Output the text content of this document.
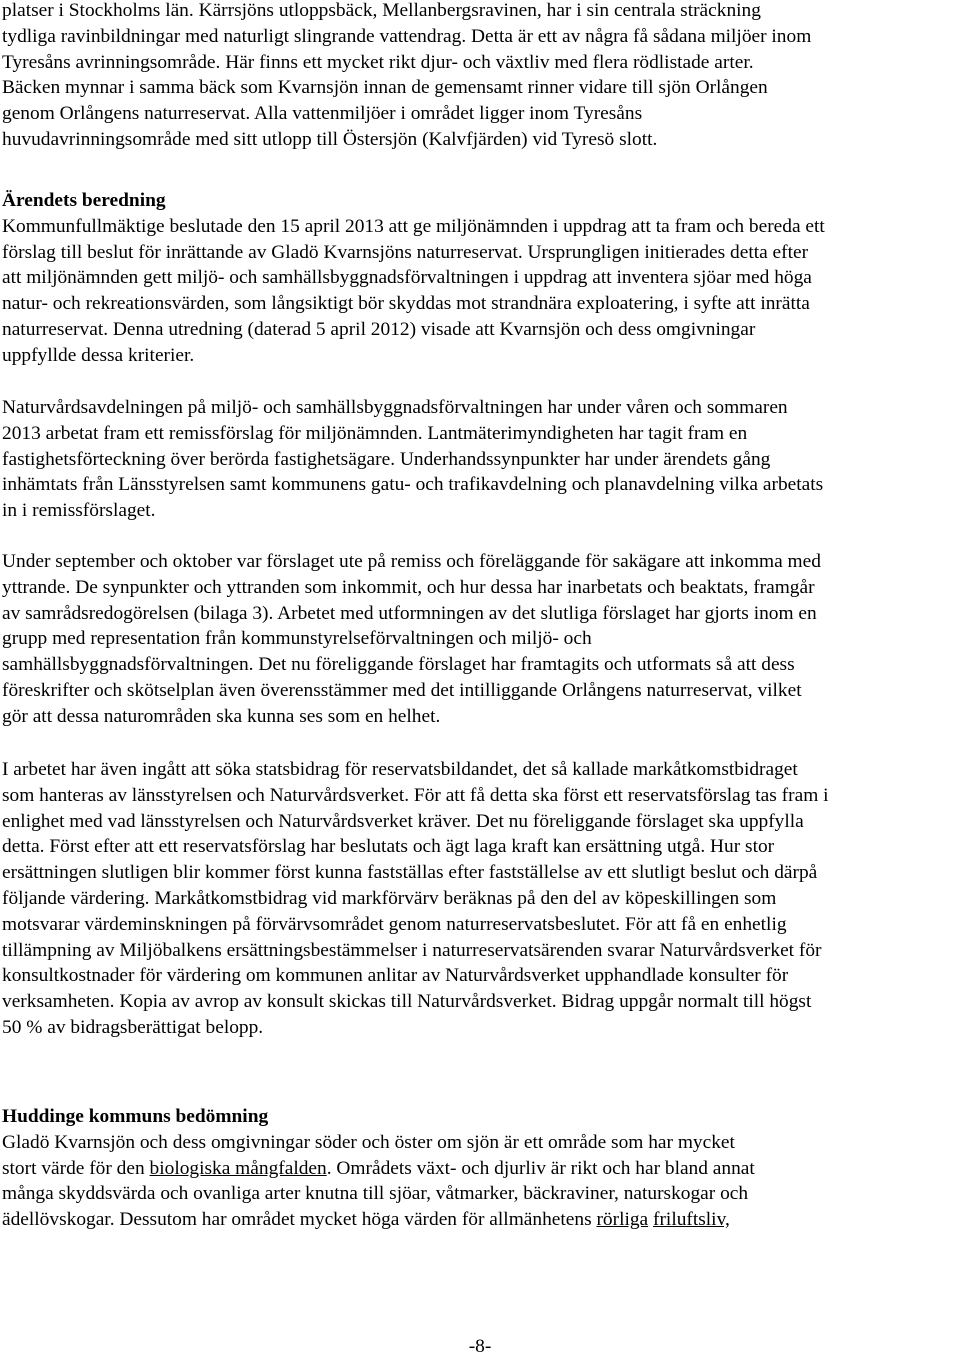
platser i Stockholms län. Kärrsjöns utloppsbäck, Mellanbergsravinen, har i sin centrala sträckning
tydliga ravinbildningar med naturligt slingrande vattendrag. Detta är ett av några få sådana miljöer inom
Tyresåns avrinningsområde. Här finns ett mycket rikt djur- och växtliv med flera rödlistade arter.
Bäcken mynnar i samma bäck som Kvarnsjön innan de gemensamt rinner vidare till sjön Orlången
genom Orlångens naturreservat. Alla vattenmiljöer i området ligger inom Tyresåns
huvudavrinningsområde med sitt utlopp till Östersjön (Kalvfjärden) vid Tyresö slott.
Ärendets beredning
Kommunfullmäktige beslutade den 15 april 2013 att ge miljönämnden i uppdrag att ta fram och bereda ett
förslag till beslut för inrättande av Gladö Kvarnsjöns naturreservat. Ursprungligen initierades detta efter
att miljönämnden gett miljö- och samhällsbyggnadsförvaltningen i uppdrag att inventera sjöar med höga
natur- och rekreationsvärden, som långsiktigt bör skyddas mot strandnära exploatering, i syfte att inrätta
naturreservat. Denna utredning (daterad 5 april 2012) visade att Kvarnsjön och dess omgivningar
uppfyllde dessa kriterier.
Naturvårdsavdelningen på miljö- och samhällsbyggnadsförvaltningen har under våren och sommaren
2013 arbetat fram ett remissförslag för miljönämnden. Lantmäterimyndigheten har tagit fram en
fastighetsförteckning över berörda fastighetsägare. Underhandssynpunkter har under ärendets gång
inhämtats från Länsstyrelsen samt kommunens gatu- och trafikavdelning och planavdelning vilka arbetats
in i remissförslaget.
Under september och oktober var förslaget ute på remiss och föreläggande för sakägare att inkomma med
yttrande. De synpunkter och yttranden som inkommit, och hur dessa har inarbetats och beaktats, framgår
av samrådsredogörelsen (bilaga 3). Arbetet med utformningen av det slutliga förslaget har gjorts inom en
grupp med representation från kommunstyrelseförvaltningen och miljö- och
samhällsbyggnadsförvaltningen. Det nu föreliggande förslaget har framtagits och utformats så att dess
föreskrifter och skötselplan även överensstämmer med det intilliggande Orlångens naturreservat, vilket
gör att dessa naturområden ska kunna ses som en helhet.
I arbetet har även ingått att söka statsbidrag för reservatsbildandet, det så kallade markåtkomstbidraget
som hanteras av länsstyrelsen och Naturvårdsverket. För att få detta ska först ett reservatsförslag tas fram i
enlighet med vad länsstyrelsen och Naturvårdsverket kräver. Det nu föreliggande förslaget ska uppfylla
detta. Först efter att ett reservatsförslag har beslutats och ägt laga kraft kan ersättning utgå. Hur stor
ersättningen slutligen blir kommer först kunna fastställas efter fastställelse av ett slutligt beslut och därpå
följande värdering. Markåtkomstbidrag vid markförvärv beräknas på den del av köpeskillingen som
motsvarar värdeminskningen på förvärvsområdet genom naturreservatsbeslutet. För att få en enhetlig
tillämpning av Miljöbalkens ersättningsbestämmelser i naturreservatsärenden svarar Naturvårdsverket för
konsultkostnader för värdering om kommunen anlitar av Naturvårdsverket upphandlade konsulter för
verksamheten. Kopia av avrop av konsult skickas till Naturvårdsverket. Bidrag uppgår normalt till högst
50 % av bidragsberättigat belopp.
Huddinge kommuns bedömning
Gladö Kvarnsjön och dess omgivningar söder och öster om sjön är ett område som har mycket
stort värde för den biologiska mångfalden. Områdets växt- och djurliv är rikt och har bland annat
många skyddsvärda och ovanliga arter knutna till sjöar, våtmarker, bäckraviner, naturskogar och
ädellövskogar. Dessutom har området mycket höga värden för allmänhetens rörliga friluftsliv,
-8-
